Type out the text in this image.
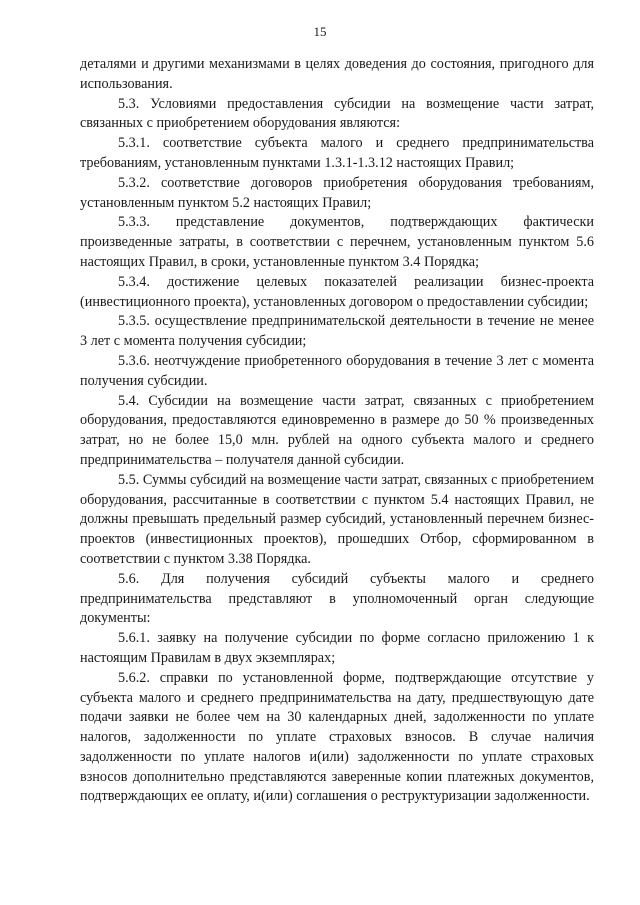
15

деталями и другими механизмами в целях доведения до состояния, пригодного для использования.

5.3. Условиями предоставления субсидии на возмещение части затрат, связанных с приобретением оборудования являются:

5.3.1. соответствие субъекта малого и среднего предпринимательства требованиям, установленным пунктами 1.3.1-1.3.12 настоящих Правил;

5.3.2. соответствие договоров приобретения оборудования требованиям, установленным пунктом 5.2 настоящих Правил;

5.3.3. представление документов, подтверждающих фактически произведенные затраты, в соответствии с перечнем, установленным пунктом 5.6 настоящих Правил, в сроки, установленные пунктом 3.4 Порядка;

5.3.4. достижение целевых показателей реализации бизнес-проекта (инвестиционного проекта), установленных договором о предоставлении субсидии;

5.3.5. осуществление предпринимательской деятельности в течение не менее 3 лет с момента получения субсидии;

5.3.6. неотчуждение приобретенного оборудования в течение 3 лет с момента получения субсидии.

5.4. Субсидии на возмещение части затрат, связанных с приобретением оборудования, предоставляются единовременно в размере до 50 % произведенных затрат, но не более 15,0 млн. рублей на одного субъекта малого и среднего предпринимательства – получателя данной субсидии.

5.5. Суммы субсидий на возмещение части затрат, связанных с приобретением оборудования, рассчитанные в соответствии с пунктом 5.4 настоящих Правил, не должны превышать предельный размер субсидий, установленный перечнем бизнес-проектов (инвестиционных проектов), прошедших Отбор, сформированном в соответствии с пунктом 3.38 Порядка.

5.6. Для получения субсидий субъекты малого и среднего предпринимательства представляют в уполномоченный орган следующие документы:

5.6.1. заявку на получение субсидии по форме согласно приложению 1 к настоящим Правилам в двух экземплярах;

5.6.2. справки по установленной форме, подтверждающие отсутствие у субъекта малого и среднего предпринимательства на дату, предшествующую дате подачи заявки не более чем на 30 календарных дней, задолженности по уплате налогов, задолженности по уплате страховых взносов. В случае наличия задолженности по уплате налогов и(или) задолженности по уплате страховых взносов дополнительно представляются заверенные копии платежных документов, подтверждающих ее оплату, и(или) соглашения о реструктуризации задолженности.
